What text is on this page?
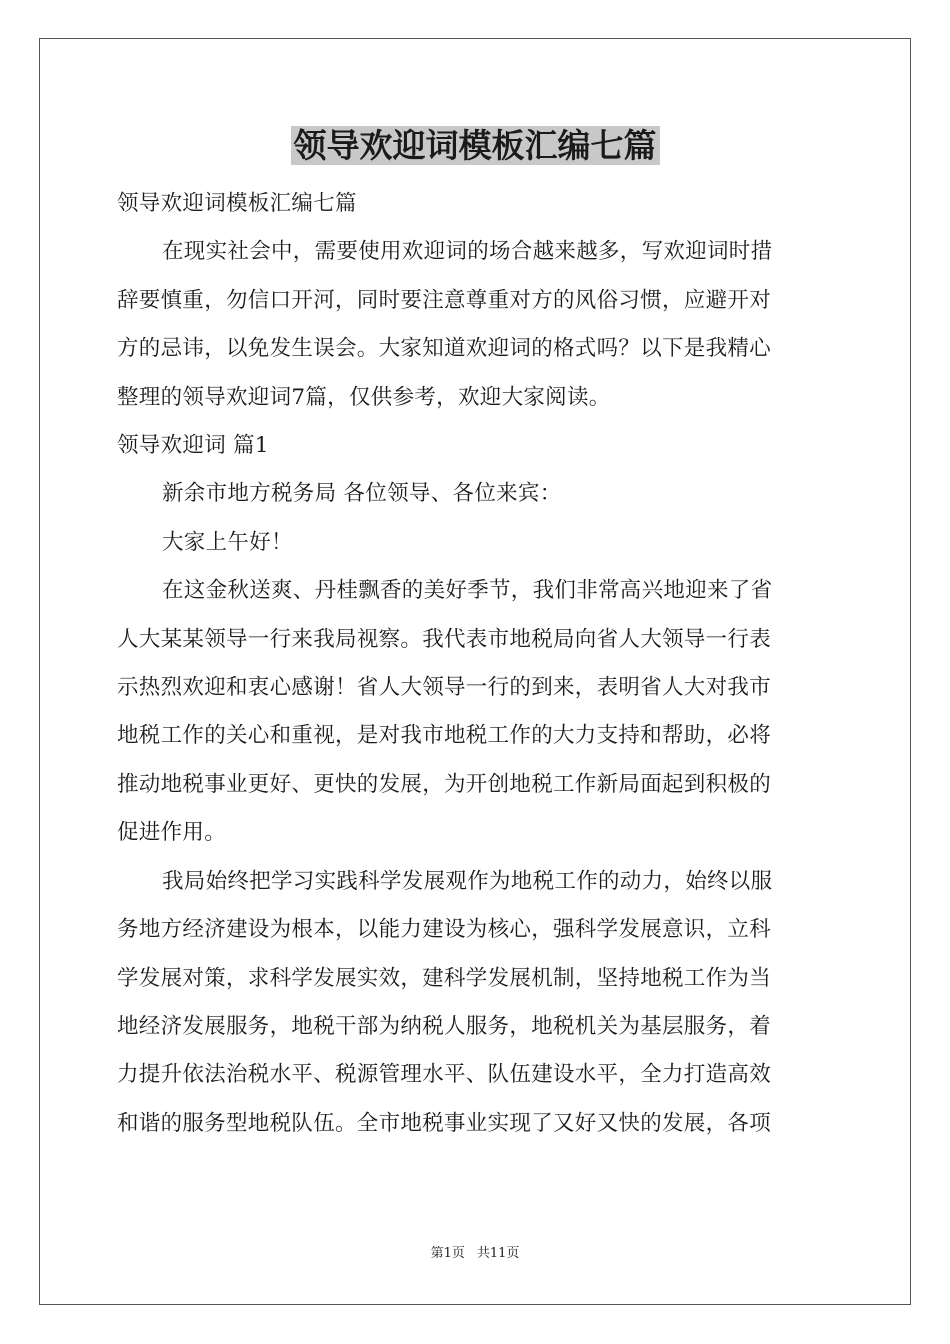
领导欢迎词模板汇编七篇

领导欢迎词模板汇编七篇

在现实社会中，需要使用欢迎词的场合越来越多，写欢迎词时措

辞要慎重，勿信口开河，同时要注意尊重对方的风俗习惯，应避开对

方的忌讳，以免发生误会。大家知道欢迎词的格式吗？以下是我精心

整理的领导欢迎词7篇，仅供参考，欢迎大家阅读。

领导欢迎词 篇1

新余市地方税务局 各位领导、各位来宾：

大家上午好！

在这金秋送爽、丹桂飘香的美好季节，我们非常高兴地迎来了省

人大某某领导一行来我局视察。我代表市地税局向省人大领导一行表

示热烈欢迎和衷心感谢！省人大领导一行的到来，表明省人大对我市

地税工作的关心和重视，是对我市地税工作的大力支持和帮助，必将

推动地税事业更好、更快的发展，为开创地税工作新局面起到积极的

促进作用。

我局始终把学习实践科学发展观作为地税工作的动力，始终以服

务地方经济建设为根本，以能力建设为核心，强科学发展意识，立科

学发展对策，求科学发展实效，建科学发展机制，坚持地税工作为当

地经济发展服务，地税干部为纳税人服务，地税机关为基层服务，着

力提升依法治税水平、税源管理水平、队伍建设水平，全力打造高效

和谐的服务型地税队伍。全市地税事业实现了又好又快的发展，各项

第1页 共11页
